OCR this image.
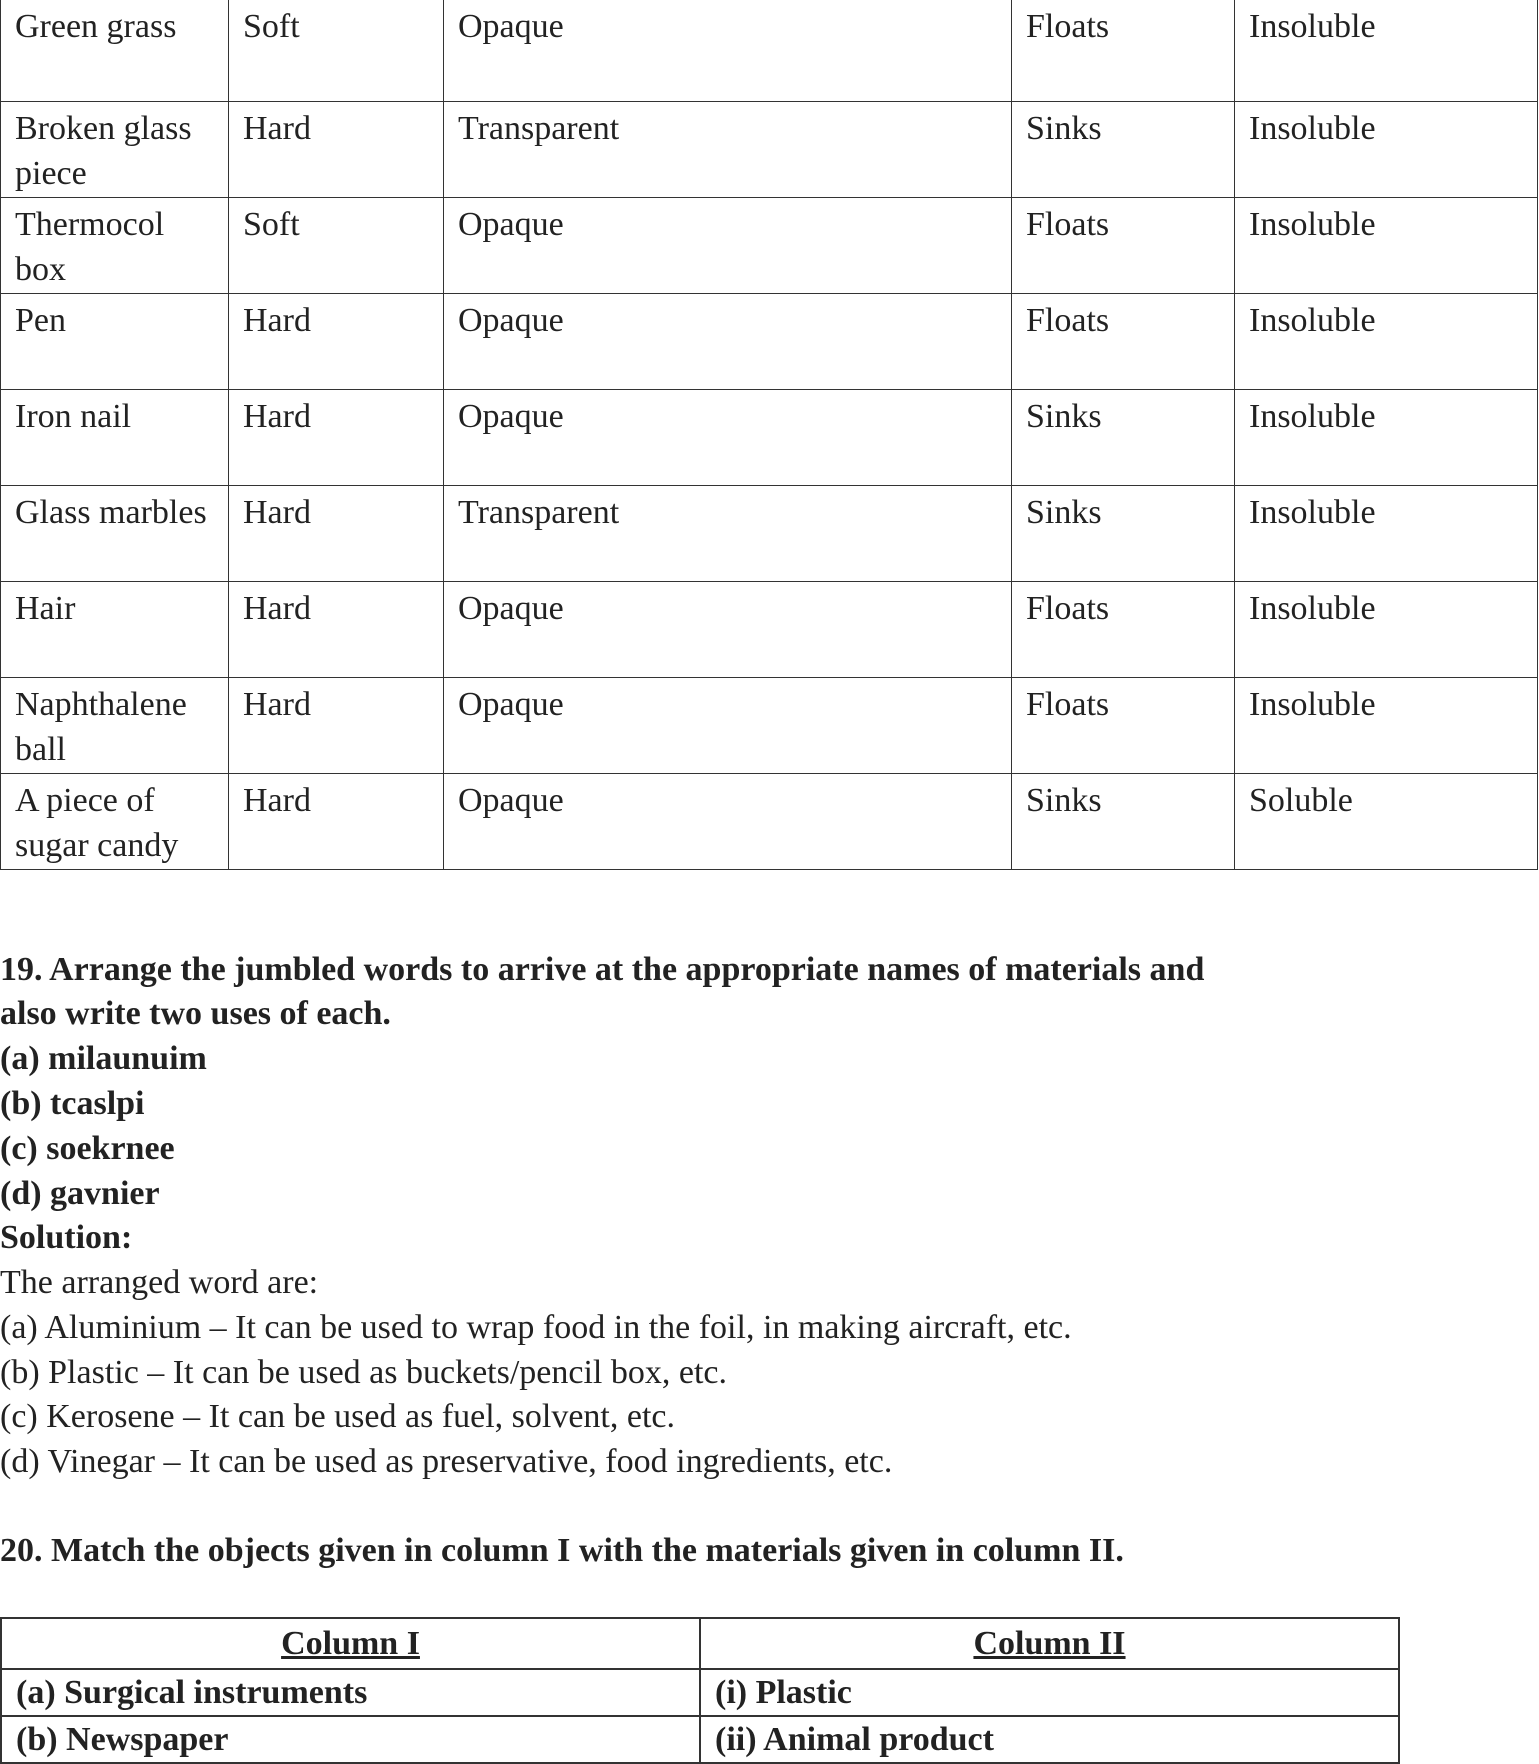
Green grass	Soft	Opaque	Floats	Insoluble
Broken glass piece	Hard	Transparent	Sinks	Insoluble
Thermocol box	Soft	Opaque	Floats	Insoluble
Pen	Hard	Opaque	Floats	Insoluble
Iron nail	Hard	Opaque	Sinks	Insoluble
Glass marbles	Hard	Transparent	Sinks	Insoluble
Hair	Hard	Opaque	Floats	Insoluble
Naphthalene ball	Hard	Opaque	Floats	Insoluble
A piece of sugar candy	Hard	Opaque	Sinks	Soluble

19. Arrange the jumbled words to arrive at the appropriate names of materials and

also write two uses of each.

(a) milaunuim

(b) tcaslpi

(c) soekrnee

(d) gavnier

Solution:

The arranged word are:

(a) Aluminium – It can be used to wrap food in the foil, in making aircraft, etc.

(b) Plastic – It can be used as buckets/pencil box, etc.

(c) Kerosene – It can be used as fuel, solvent, etc.

(d) Vinegar – It can be used as preservative, food ingredients, etc.

20. Match the objects given in column I with the materials given in column II.

Column I	Column II
(a) Surgical instruments	(i) Plastic
(b) Newspaper	(ii) Animal product
